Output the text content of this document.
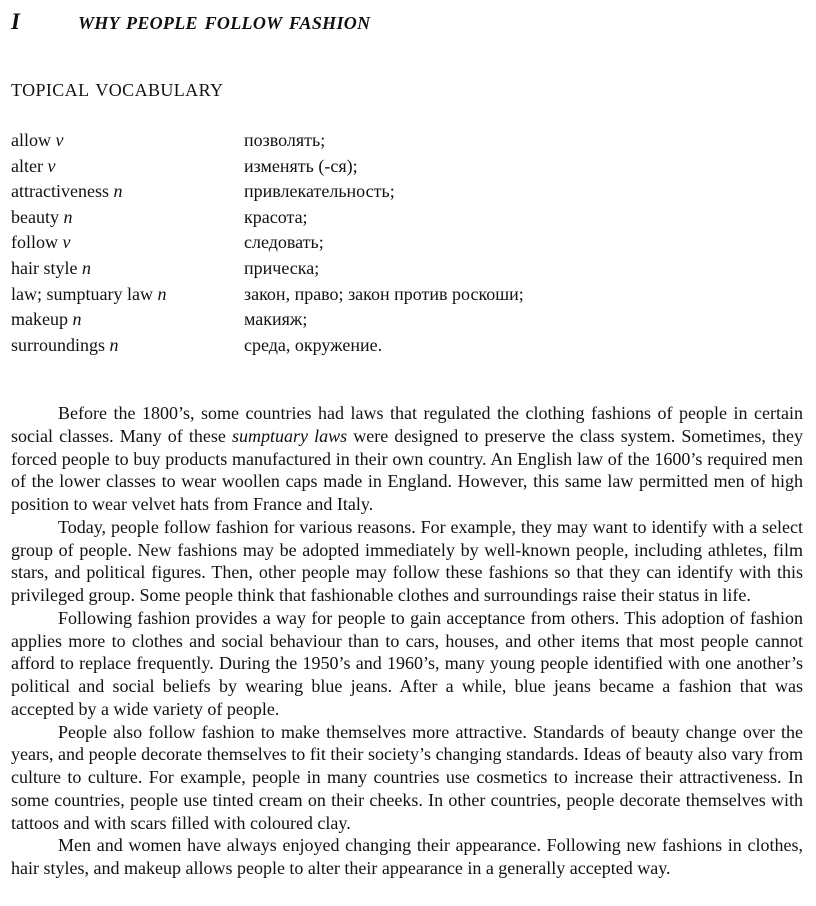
I	WHY PEOPLE FOLLOW FASHION
TOPICAL VOCABULARY
allow v	позволять;
alter v	изменять (-ся);
attractiveness n	привлекательность;
beauty n	красота;
follow v	следовать;
hair style n	прическа;
law; sumptuary law n	закон, право; закон против роскоши;
makeup n	макияж;
surroundings n	среда, окружение.

Before the 1800’s, some countries had laws that regulated the clothing fashions of people in certain social classes. Many of these sumptuary laws were designed to preserve the class system. Sometimes, they forced people to buy products manufactured in their own country. An English law of the 1600’s required men of the lower classes to wear woollen caps made in England. However, this same law permitted men of high position to wear velvet hats from France and Italy.

Today, people follow fashion for various reasons. For example, they may want to identify with a select group of people. New fashions may be adopted immediately by well-known people, including athletes, film stars, and political figures. Then, other people may follow these fashions so that they can identify with this privileged group. Some people think that fashionable clothes and surroundings raise their status in life.

Following fashion provides a way for people to gain acceptance from others. This adoption of fashion applies more to clothes and social behaviour than to cars, houses, and other items that most people cannot afford to replace frequently. During the 1950’s and 1960’s, many young people identified with one another’s political and social beliefs by wearing blue jeans. After a while, blue jeans became a fashion that was accepted by a wide variety of people.

People also follow fashion to make themselves more attractive. Standards of beauty change over the years, and people decorate themselves to fit their society’s changing standards. Ideas of beauty also vary from culture to culture. For example, people in many countries use cosmetics to increase their attractiveness. In some countries, people use tinted cream on their cheeks. In other countries, people decorate themselves with tattoos and with scars filled with coloured clay.

Men and women have always enjoyed changing their appearance. Following new fashions in clothes, hair styles, and makeup allows people to alter their appearance in a generally accepted way.
